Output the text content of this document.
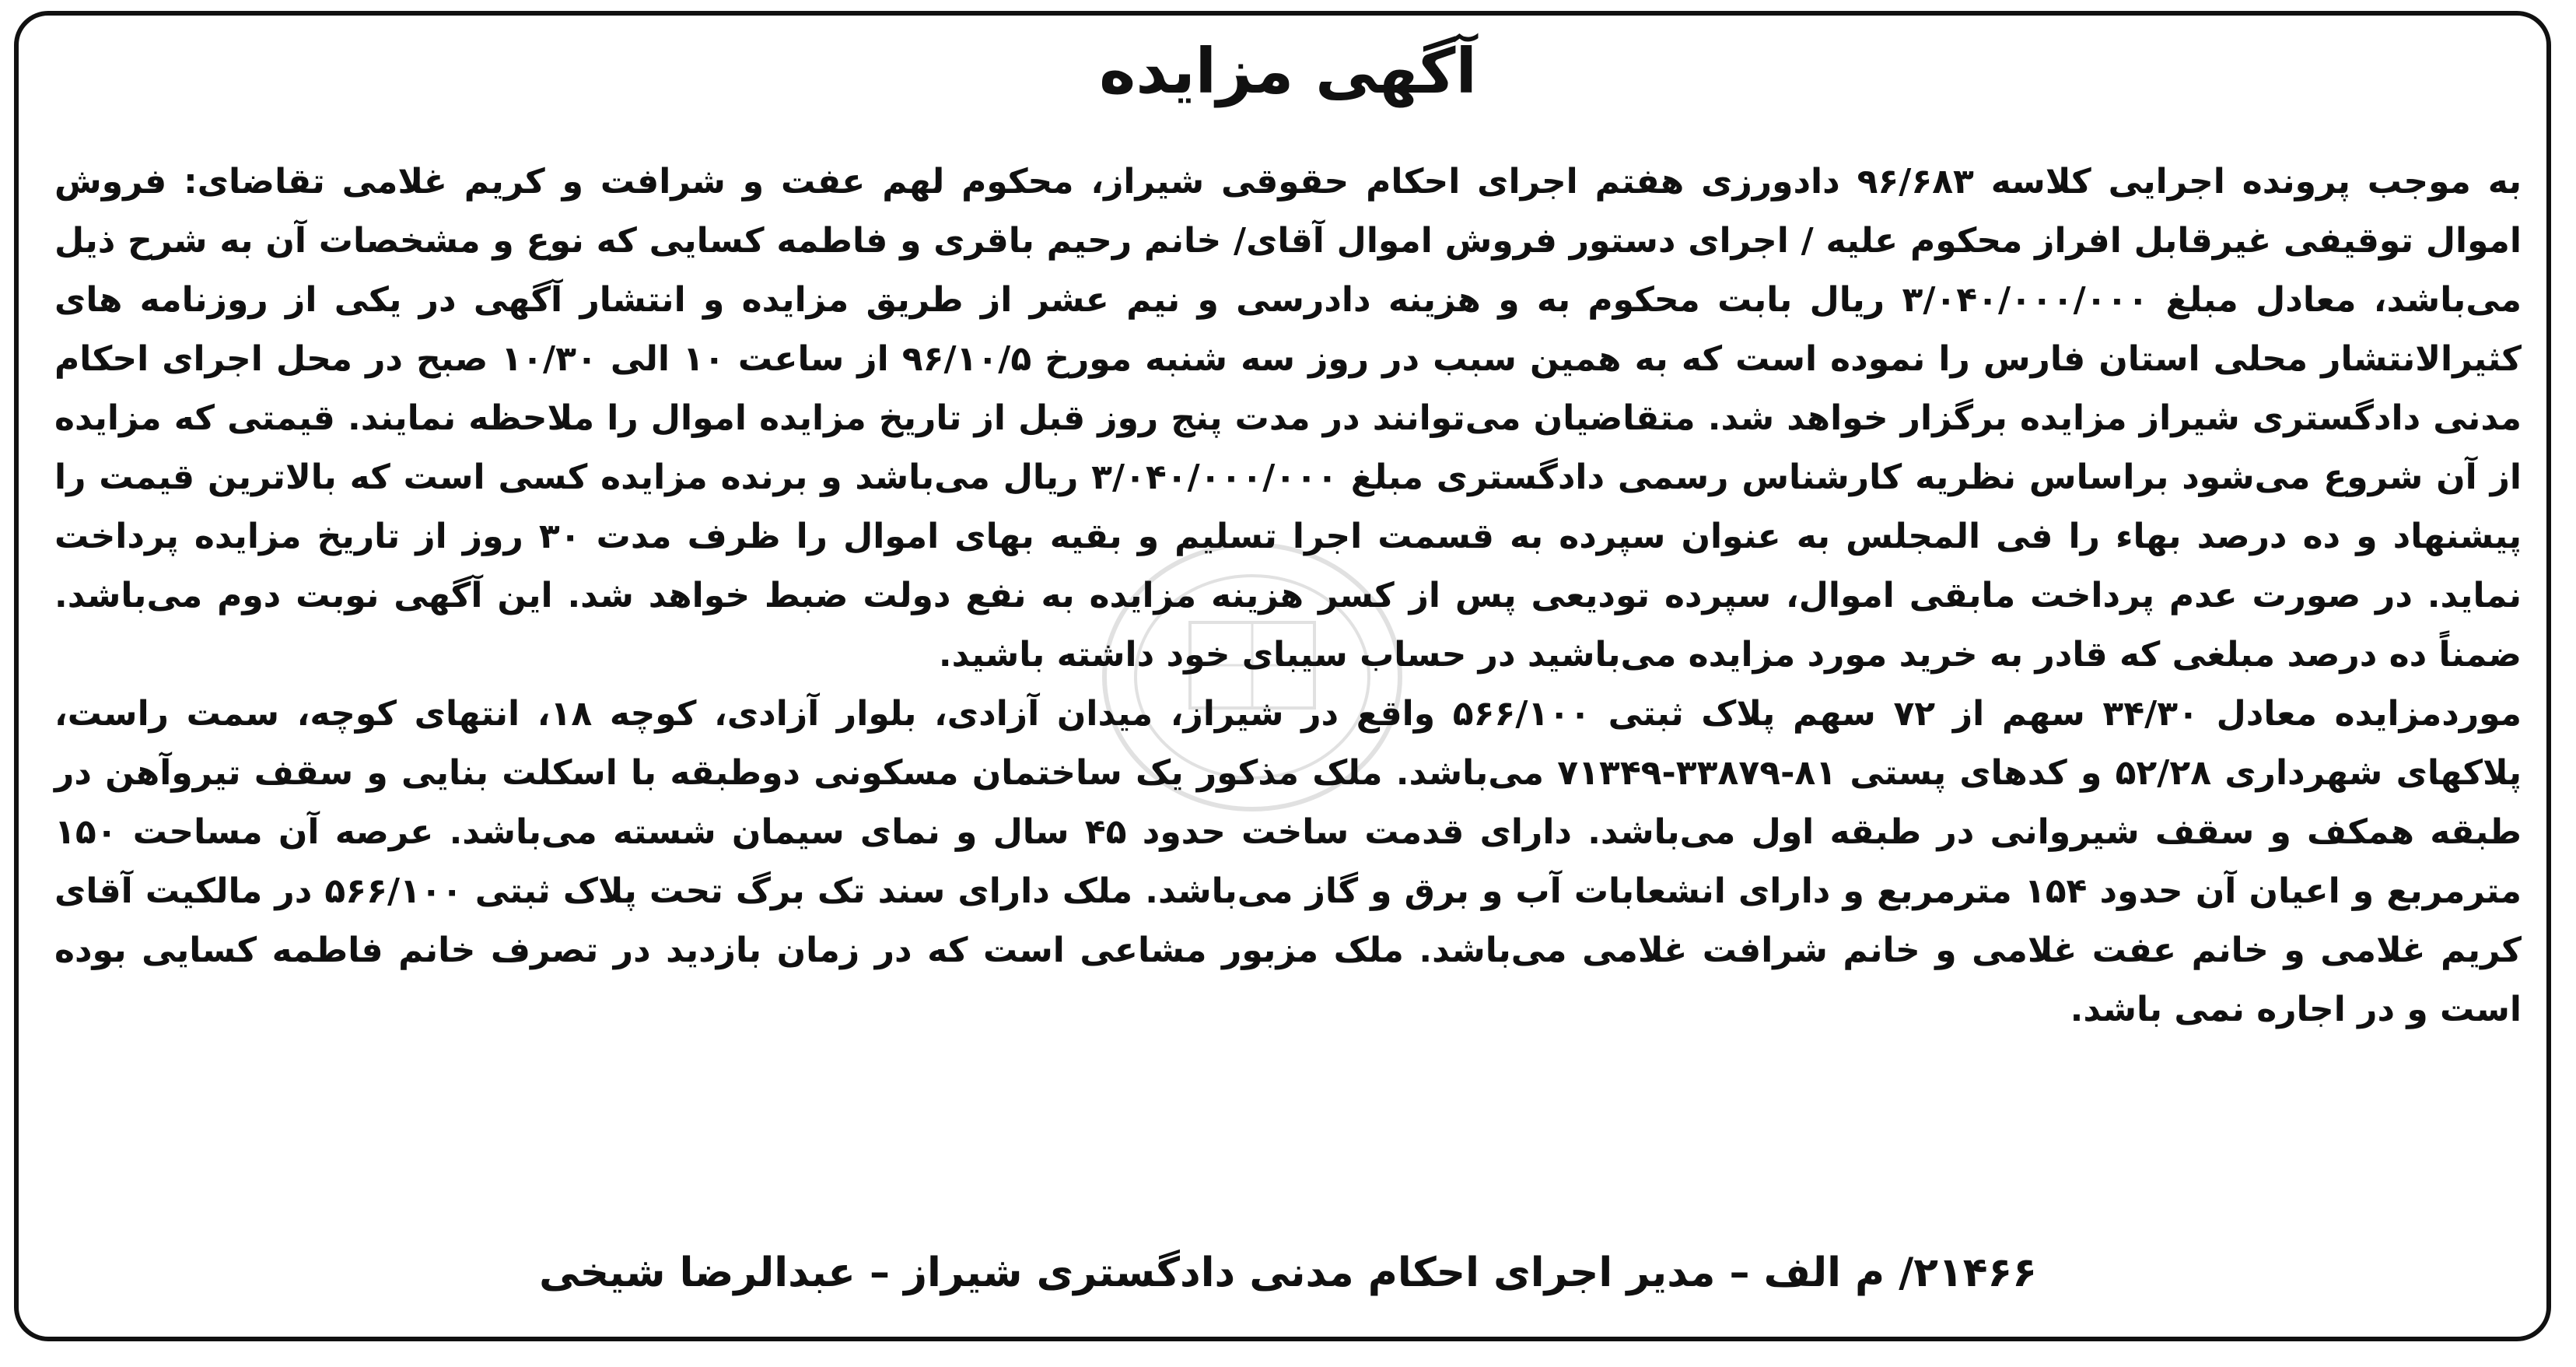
آگهی مزایده

به موجب پرونده اجرایی کلاسه ۹۶/۶۸۳ دادورزی هفتم اجرای احکام حقوقی شیراز، محکوم لهم عفت و شرافت و کریم غلامی تقاضای: فروش اموال توقیفی غیرقابل افراز محکوم علیه / اجرای دستور فروش اموال آقای/ خانم رحیم باقری و فاطمه کسایی که نوع و مشخصات آن به شرح ذیل می‌باشد، معادل مبلغ ۳/۰۴۰/۰۰۰/۰۰۰ ریال بابت محکوم به و هزینه دادرسی و نیم عشر از طریق مزایده و انتشار آگهی در یکی از روزنامه های کثیرالانتشار محلی استان فارس را نموده است که به همین سبب در روز سه شنبه مورخ ۹۶/۱۰/۵ از ساعت ۱۰ الی ۱۰/۳۰ صبح در محل اجرای احکام مدنی دادگستری شیراز مزایده برگزار خواهد شد. متقاضیان می‌توانند در مدت پنج روز قبل از تاریخ مزایده اموال را ملاحظه نمایند. قیمتی که مزایده از آن شروع می‌شود براساس نظریه کارشناس رسمی دادگستری مبلغ ۳/۰۴۰/۰۰۰/۰۰۰ ریال می‌باشد و برنده مزایده کسی است که بالاترین قیمت را پیشنهاد و ده درصد بهاء را فی المجلس به عنوان سپرده به قسمت اجرا تسلیم و بقیه بهای اموال را ظرف مدت ۳۰ روز از تاریخ مزایده پرداخت نماید. در صورت عدم پرداخت مابقی اموال، سپرده تودیعی پس از کسر هزینه مزایده به نفع دولت ضبط خواهد شد. این آگهی نوبت دوم می‌باشد. ضمناً ده درصد مبلغی که قادر به خرید مورد مزایده می‌باشید در حساب سیبای خود داشته باشید.

موردمزایده معادل ۳۴/۳۰ سهم از ۷۲ سهم پلاک ثبتی ۵۶۶/۱۰۰ واقع در شیراز، میدان آزادی، بلوار آزادی، کوچه ۱۸، انتهای کوچه، سمت راست، پلاکهای شهرداری ۵۲/۲۸ و کدهای پستی ۸۱-۳۳۸۷۹-۷۱۳۴۹ می‌باشد. ملک مذکور یک ساختمان مسکونی دوطبقه با اسکلت بنایی و سقف تیروآهن در طبقه همکف و سقف شیروانی در طبقه اول می‌باشد. دارای قدمت ساخت حدود ۴۵ سال و نمای سیمان شسته می‌باشد. عرصه آن مساحت ۱۵۰ مترمربع و اعیان آن حدود ۱۵۴ مترمربع و دارای انشعابات آب و برق و گاز می‌باشد. ملک دارای سند تک برگ تحت پلاک ثبتی ۵۶۶/۱۰۰ در مالکیت آقای کریم غلامی و خانم عفت غلامی و خانم شرافت غلامی می‌باشد. ملک مزبور مشاعی است که در زمان بازدید در تصرف خانم فاطمه کسایی بوده است و در اجاره نمی باشد.

۲۱۴۶۶/ م الف – مدیر اجرای احکام مدنی دادگستری شیراز – عبدالرضا شیخی
